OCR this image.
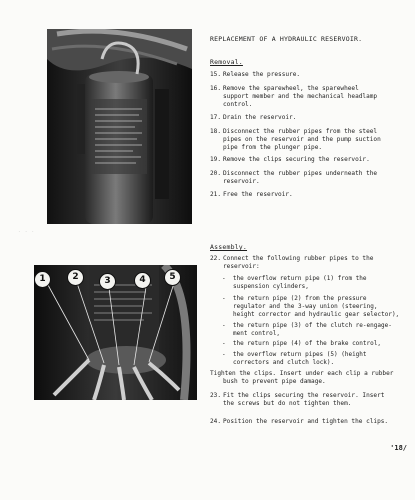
REPLACEMENT OF A HYDRAULIC RESERVOIR.
Removal.
15. Release the pressure.
16. Remove the sparewheel, the sparewheel
support member and the mechanical headlamp
control.
17. Drain the reservoir.
18. Disconnect the rubber pipes from the steel
pipes on the reservoir and the pump suction
pipe from the plunger pipe.
19. Remove the clips securing the reservoir.
20. Disconnect the rubber pipes underneath the
reservoir.
21. Free the reservoir.
· · ·
Assembly.
1	2	3	4	5
22. Connect the following rubber pipes to the
reservoir:
- the overflow return pipe (1) from the
suspension cylinders,
- the return pipe (2) from the pressure
regulator and the 3-way union (steering,
height corrector and hydraulic gear selector),
- the return pipe (3) of the clutch re-engage-
ment control,
- the return pipe (4) of the brake control,
- the overflow return pipes (5) (height
correctors and clutch lock).
Tighten the clips. Insert under each clip a rubber

bush to prevent pipe damage.
23. Fit the clips securing the reservoir. Insert
the screws but do not tighten them.
24. Position the reservoir and tighten the clips.
'18/
